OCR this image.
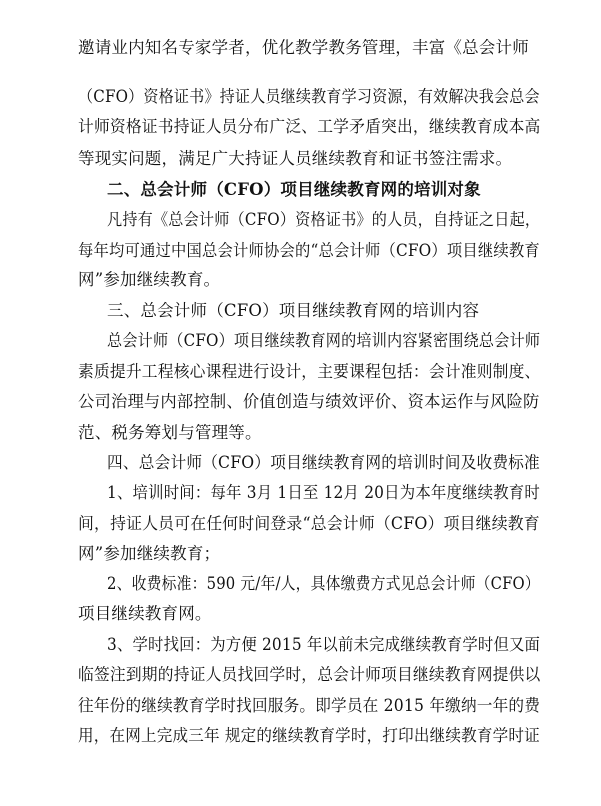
邀请业内知名专家学者，优化教学教务管理，丰富《总会计师
（CFO）资格证书》持证人员继续教育学习资源，有效解决我会总会
计师资格证书持证人员分布广泛、工学矛盾突出，继续教育成本高
等现实问题，满足广大持证人员继续教育和证书签注需求。
二、总会计师（CFO）项目继续教育网的培训对象
凡持有《总会计师（CFO）资格证书》的人员，自持证之日起，
每年均可通过中国总会计师协会的“总会计师（CFO）项目继续教育
网”参加继续教育。
三、总会计师（CFO）项目继续教育网的培训内容
总会计师（CFO）项目继续教育网的培训内容紧密围绕总会计师
素质提升工程核心课程进行设计，主要课程包括：会计准则制度、
公司治理与内部控制、价值创造与绩效评价、资本运作与风险防
范、税务筹划与管理等。
四、总会计师（CFO）项目继续教育网的培训时间及收费标准
1、培训时间：每年 3月 1日至 12月 20日为本年度继续教育时
间，持证人员可在任何时间登录“总会计师（CFO）项目继续教育
网”参加继续教育；
2、收费标准：590 元/年/人，具体缴费方式见总会计师（CFO）
项目继续教育网。
3、学时找回：为方便 2015 年以前未完成继续教育学时但又面
临签注到期的持证人员找回学时，总会计师项目继续教育网提供以
往年份的继续教育学时找回服务。即学员在 2015 年缴纳一年的费
用，在网上完成三年 规定的继续教育学时，打印出继续教育学时证
